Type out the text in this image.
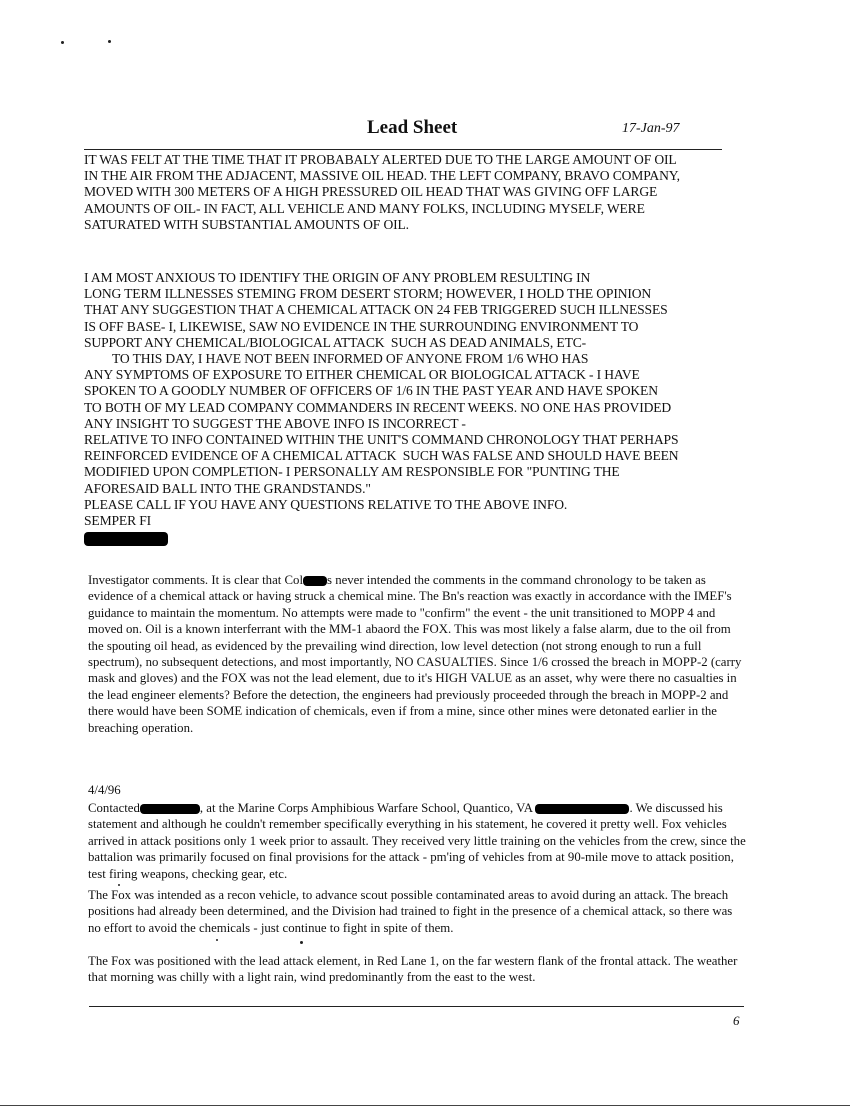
Lead Sheet	17-Jan-97
IT WAS FELT AT THE TIME THAT IT PROBABALY ALERTED DUE TO THE LARGE AMOUNT OF OIL
IN THE AIR FROM THE ADJACENT, MASSIVE OIL HEAD. THE LEFT COMPANY, BRAVO COMPANY,
MOVED WITH 300 METERS OF A HIGH PRESSURED OIL HEAD THAT WAS GIVING OFF LARGE
AMOUNTS OF OIL- IN FACT, ALL VEHICLE AND MANY FOLKS, INCLUDING MYSELF, WERE
SATURATED WITH SUBSTANTIAL AMOUNTS OF OIL.
I AM MOST ANXIOUS TO IDENTIFY THE ORIGIN OF ANY PROBLEM RESULTING IN
LONG TERM ILLNESSES STEMING FROM DESERT STORM; HOWEVER, I HOLD THE OPINION
THAT ANY SUGGESTION THAT A CHEMICAL ATTACK ON 24 FEB TRIGGERED SUCH ILLNESSES
IS OFF BASE- I, LIKEWISE, SAW NO EVIDENCE IN THE SURROUNDING ENVIRONMENT TO
SUPPORT ANY CHEMICAL/BIOLOGICAL ATTACK  SUCH AS DEAD ANIMALS, ETC-
TO THIS DAY, I HAVE NOT BEEN INFORMED OF ANYONE FROM 1/6 WHO HAS
ANY SYMPTOMS OF EXPOSURE TO EITHER CHEMICAL OR BIOLOGICAL ATTACK - I HAVE
SPOKEN TO A GOODLY NUMBER OF OFFICERS OF 1/6 IN THE PAST YEAR AND HAVE SPOKEN
TO BOTH OF MY LEAD COMPANY COMMANDERS IN RECENT WEEKS. NO ONE HAS PROVIDED
ANY INSIGHT TO SUGGEST THE ABOVE INFO IS INCORRECT -
RELATIVE TO INFO CONTAINED WITHIN THE UNIT'S COMMAND CHRONOLOGY THAT PERHAPS
REINFORCED EVIDENCE OF A CHEMICAL ATTACK  SUCH WAS FALSE AND SHOULD HAVE BEEN
MODIFIED UPON COMPLETION- I PERSONALLY AM RESPONSIBLE FOR "PUNTING THE
AFORESAID BALL INTO THE GRANDSTANDS."
PLEASE CALL IF YOU HAVE ANY QUESTIONS RELATIVE TO THE ABOVE INFO.
SEMPER FI

Investigator comments. It is clear that Col s never intended the comments in the command chronology to be taken as evidence of a chemical attack or having struck a chemical mine. The Bn's reaction was exactly in accordance with the IMEF's guidance to maintain the momentum. No attempts were made to "confirm" the event - the unit transitioned to MOPP 4 and moved on. Oil is a known interferrant with the MM-1 abaord the FOX. This was most likely a false alarm, due to the oil from the spouting oil head, as evidenced by the prevailing wind direction, low level detection (not strong enough to run a full spectrum), no subsequent detections, and most importantly, NO CASUALTIES. Since 1/6 crossed the breach in MOPP-2 (carry mask and gloves) and the FOX was not the lead element, due to it's HIGH VALUE as an asset, why were there no casualties in the lead engineer elements? Before the detection, the engineers had previously proceeded through the breach in MOPP-2 and there would have been SOME indication of chemicals, even if from a mine, since other mines were detonated earlier in the breaching operation.

4/4/96

Contacted	, at the Marine Corps Amphibious Warfare School, Quantico, VA	. We discussed his statement and although he couldn't remember specifically everything in his statement, he covered it pretty well. Fox vehicles arrived in attack positions only 1 week prior to assault. They received very little training on the vehicles from the crew, since the battalion was primarily focused on final provisions for the attack - pm'ing of vehicles from at 90-mile move to attack position, test firing weapons, checking gear, etc.

The Fox was intended as a recon vehicle, to advance scout possible contaminated areas to avoid during an attack. The breach positions had already been determined, and the Division had trained to fight in the presence of a chemical attack, so there was no effort to avoid the chemicals - just continue to fight in spite of them.
The Fox was positioned with the lead attack element, in Red Lane 1, on the far western flank of the frontal attack. The weather that morning was chilly with a light rain, wind predominantly from the east to the west.
6
